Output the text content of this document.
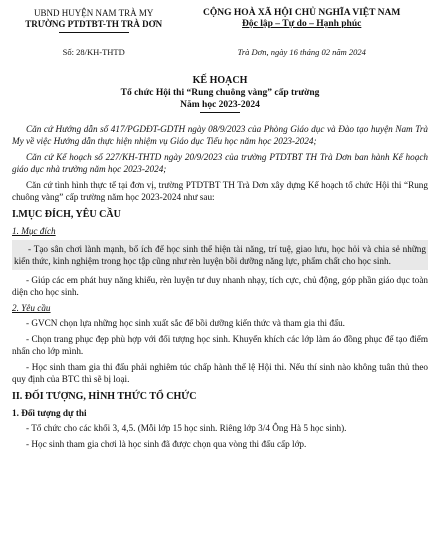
UBND HUYỆN NAM TRÀ MY
TRƯỜNG PTDTBT-TH TRÀ DƠN
CỘNG HOÀ XÃ HỘI CHỦ NGHĨA VIỆT NAM
Độc lập – Tự do – Hạnh phúc
Số: 28/KH-THTD	Trà Dơn, ngày 16 tháng 02 năm 2024
KẾ HOẠCH
Tổ chức Hội thi “Rung chuông vàng” cấp trường
Năm học 2023-2024

Căn cứ Hướng dẫn số 417/PGDĐT-GDTH ngày 08/9/2023 của Phòng Giáo dục và Đào tạo huyện Nam Trà My về việc Hướng dẫn thực hiện nhiệm vụ Giáo dục Tiểu học năm học 2023-2024;

Căn cứ Kế hoạch số 227/KH-THTD ngày 20/9/2023 của trường PTDTBT TH Trà Dơn ban hành Kế hoạch giáo dục nhà trường năm học 2023-2024;

Căn cứ tình hình thực tế tại đơn vị, trường PTDTBT TH Trà Dơn xây dựng Kế hoạch tổ chức Hội thi “Rung chuông vàng” cấp trường năm học 2023-2024 như sau:

I.MỤC ĐÍCH, YÊU CẦU
1. Mục đích

- Tạo sân chơi lành mạnh, bổ ích để học sinh thể hiện tài năng, trí tuệ, giao lưu, học hỏi và chia sẻ những kiến thức, kinh nghiệm trong học tập cũng như rèn luyện bồi dưỡng năng lực, phẩm chất cho học sinh.

- Giúp các em phát huy năng khiếu, rèn luyện tư duy nhanh nhạy, tích cực, chủ động, góp phần giáo dục toàn diện cho học sinh.

2. Yêu cầu

- GVCN chọn lựa những học sinh xuất sắc để bồi dưỡng kiến thức và tham gia thi đấu.

- Chọn trang phục đẹp phù hợp với đối tượng học sinh. Khuyến khích các lớp làm áo đồng phục để tạo điểm nhấn cho lớp mình.

- Học sinh tham gia thi đấu phải nghiêm túc chấp hành thể lệ Hội thi. Nếu thí sinh nào không tuân thủ theo quy định của BTC thì sẽ bị loại.

II. ĐỐI TƯỢNG, HÌNH THỨC TỔ CHỨC
1. Đối tượng dự thi

- Tổ chức cho các khối 3, 4,5. (Mỗi lớp 15 học sinh. Riêng lớp 3/4 Ông Hà 5 học sinh).

- Học sinh tham gia chơi là học sinh đã được chọn qua vòng thi đấu cấp lớp.
